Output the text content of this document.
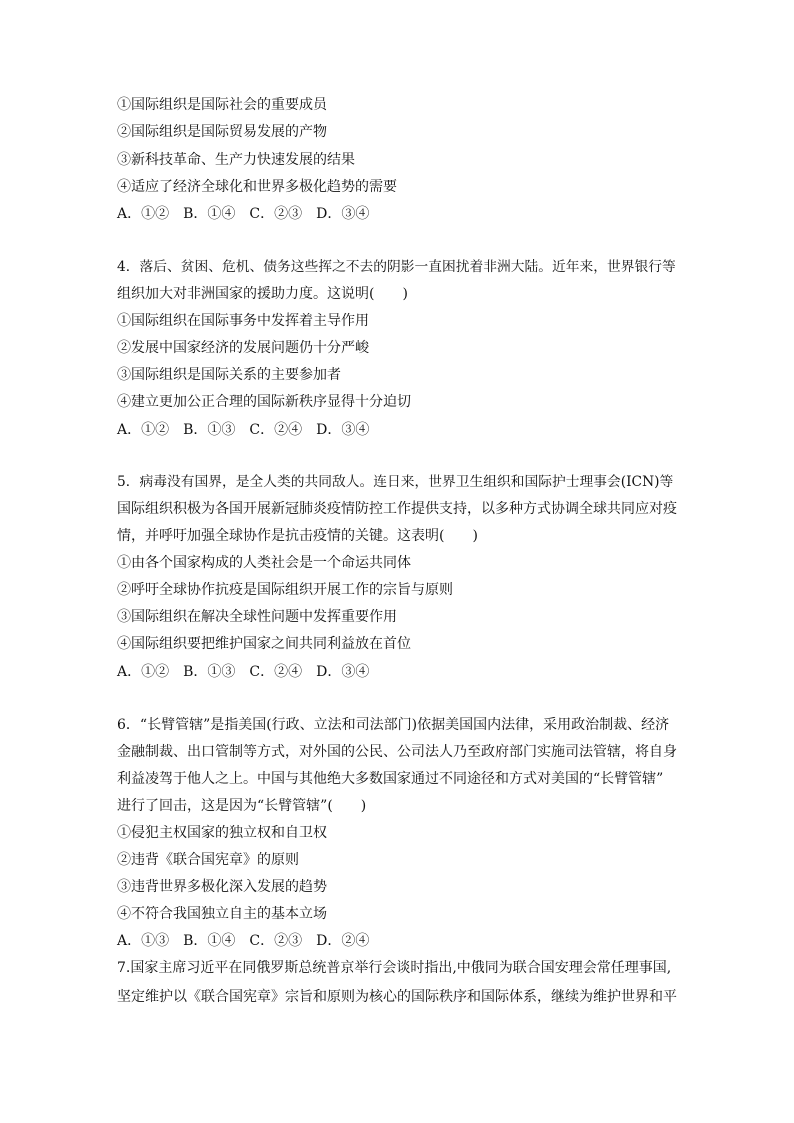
①国际组织是国际社会的重要成员
②国际组织是国际贸易发展的产物
③新科技革命、生产力快速发展的结果
④适应了经济全球化和世界多极化趋势的需要
A．①②　B．①④　C．②③　D．③④
4．落后、贫困、危机、债务这些挥之不去的阴影一直困扰着非洲大陆。近年来，世界银行等
组织加大对非洲国家的援助力度。这说明(　　)
①国际组织在国际事务中发挥着主导作用
②发展中国家经济的发展问题仍十分严峻
③国际组织是国际关系的主要参加者
④建立更加公正合理的国际新秩序显得十分迫切
A．①②　B．①③　C．②④　D．③④
5．病毒没有国界，是全人类的共同敌人。连日来，世界卫生组织和国际护士理事会(ICN)等
国际组织积极为各国开展新冠肺炎疫情防控工作提供支持，以多种方式协调全球共同应对疫
情，并呼吁加强全球协作是抗击疫情的关键。这表明(　　)
①由各个国家构成的人类社会是一个命运共同体
②呼吁全球协作抗疫是国际组织开展工作的宗旨与原则
③国际组织在解决全球性问题中发挥重要作用
④国际组织要把维护国家之间共同利益放在首位
A．①②　B．①③　C．②④　D．③④
6．“长臂管辖”是指美国(行政、立法和司法部门)依据美国国内法律，采用政治制裁、经济
金融制裁、出口管制等方式，对外国的公民、公司法人乃至政府部门实施司法管辖，将自身
利益凌驾于他人之上。中国与其他绝大多数国家通过不同途径和方式对美国的“长臂管辖”
进行了回击，这是因为“长臂管辖”(　　)
①侵犯主权国家的独立权和自卫权
②违背《联合国宪章》的原则
③违背世界多极化深入发展的趋势
④不符合我国独立自主的基本立场
A．①③　B．①④　C．②③　D．②④
7.国家主席习近平在同俄罗斯总统普京举行会谈时指出,中俄同为联合国安理会常任理事国,
坚定维护以《联合国宪章》宗旨和原则为核心的国际秩序和国际体系，继续为维护世界和平
